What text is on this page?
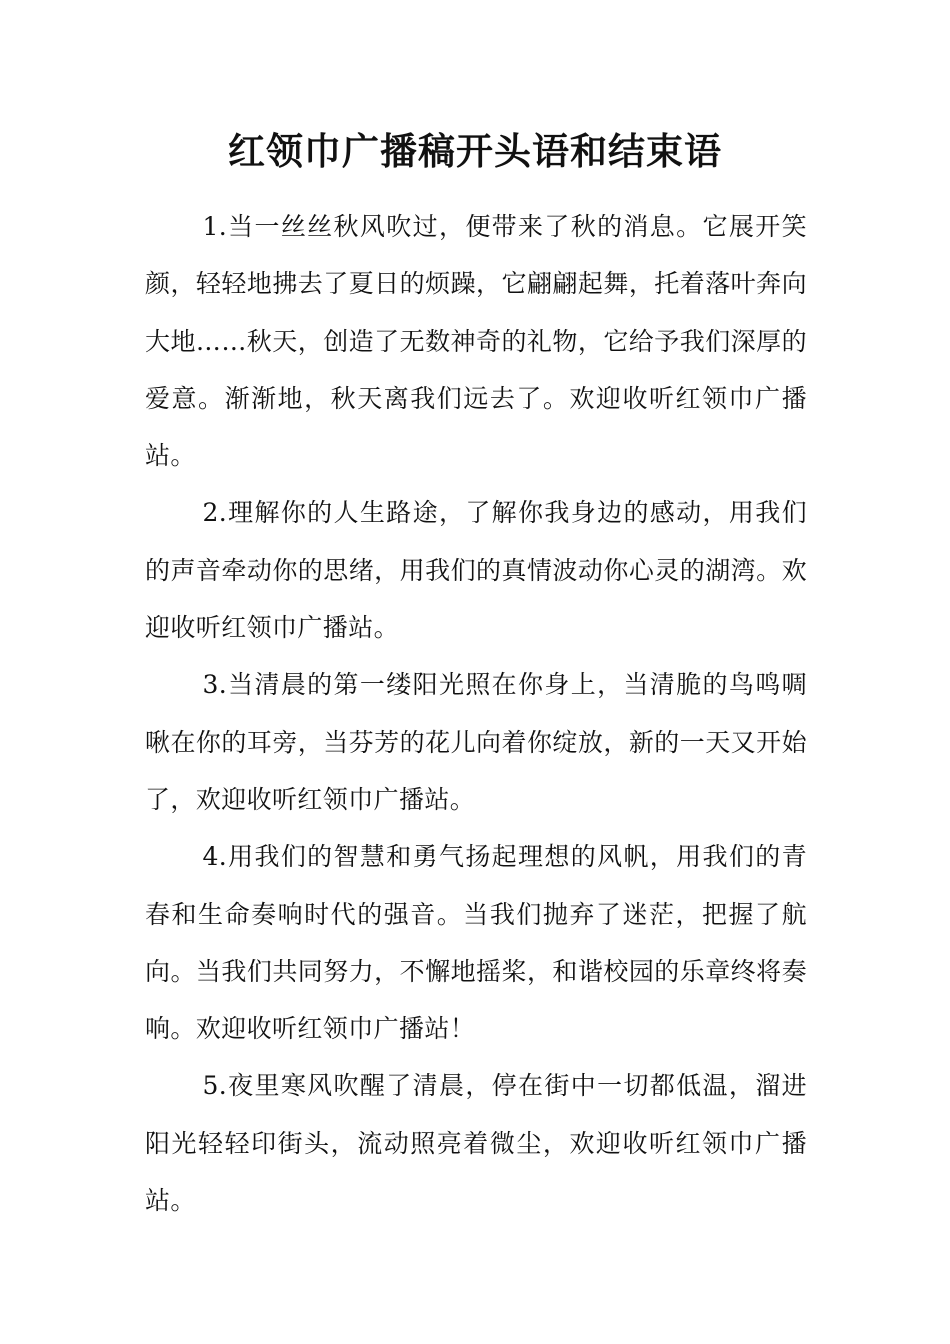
红领巾广播稿开头语和结束语

1.当一丝丝秋风吹过，便带来了秋的消息。它展开笑颜，轻轻地拂去了夏日的烦躁，它翩翩起舞，托着落叶奔向大地……秋天，创造了无数神奇的礼物，它给予我们深厚的爱意。渐渐地，秋天离我们远去了。欢迎收听红领巾广播站。

2.理解你的人生路途，了解你我身边的感动，用我们的声音牵动你的思绪，用我们的真情波动你心灵的湖湾。欢迎收听红领巾广播站。

3.当清晨的第一缕阳光照在你身上，当清脆的鸟鸣啁啾在你的耳旁，当芬芳的花儿向着你绽放，新的一天又开始了，欢迎收听红领巾广播站。

4.用我们的智慧和勇气扬起理想的风帆，用我们的青春和生命奏响时代的强音。当我们抛弃了迷茫，把握了航向。当我们共同努力，不懈地摇桨，和谐校园的乐章终将奏响。欢迎收听红领巾广播站！

5.夜里寒风吹醒了清晨，停在街中一切都低温，溜进阳光轻轻印街头，流动照亮着微尘，欢迎收听红领巾广播站。
